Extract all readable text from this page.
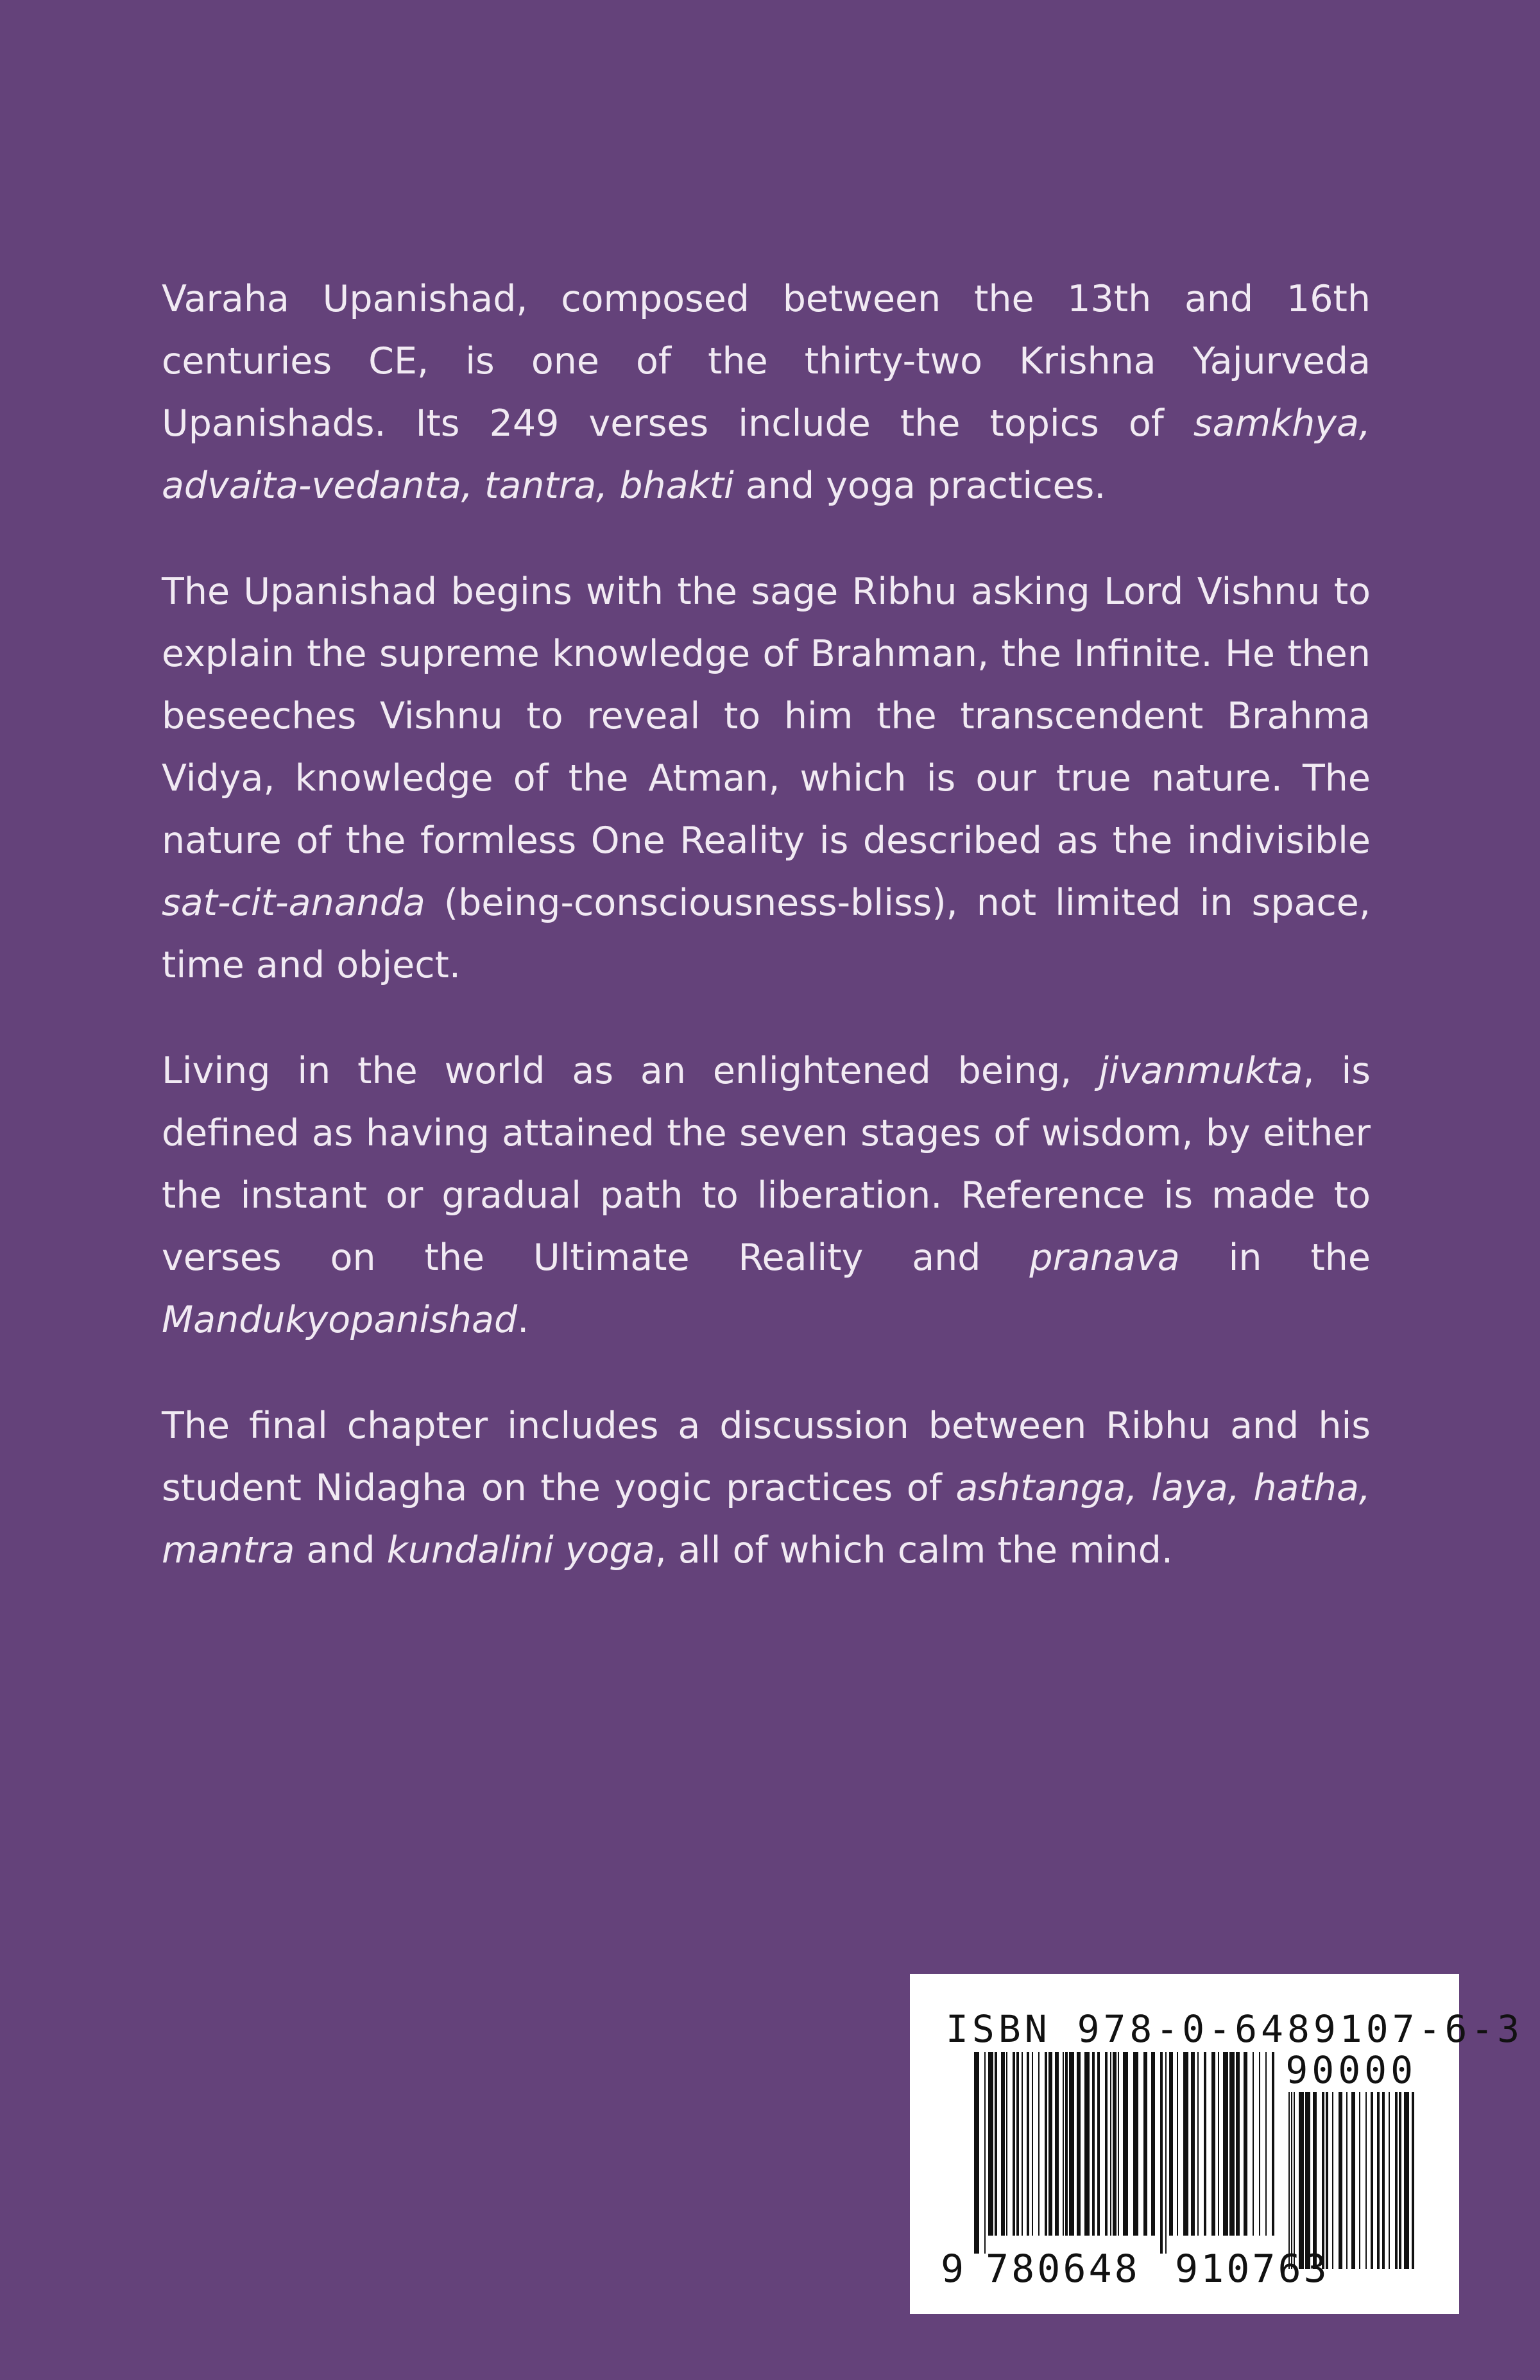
Varaha Upanishad, composed between the 13th and 16th centuries CE, is one of the thirty-two Krishna Yajurveda Upanishads. Its 249 verses include the topics of samkhya, advaita-vedanta, tantra, bhakti and yoga practices.

The Upanishad begins with the sage Ribhu asking Lord Vishnu to explain the supreme knowledge of Brahman, the Infinite. He then beseeches Vishnu to reveal to him the transcendent Brahma Vidya, knowledge of the Atman, which is our true nature. The nature of the formless One Reality is described as the indivisible sat-cit-ananda (being-consciousness-bliss), not limited in space, time and object.

Living in the world as an enlightened being, jivanmukta, is defined as having attained the seven stages of wisdom, by either the instant or gradual path to liberation. Reference is made to verses on the Ultimate Reality and pranava in the Mandukyopanishad.

The final chapter includes a discussion between Ribhu and his student Nidagha on the yogic practices of ashtanga, laya, hatha, mantra and kundalini yoga, all of which calm the mind.

ISBN 978-0-6489107-6-3
90000
9 780648 910763
